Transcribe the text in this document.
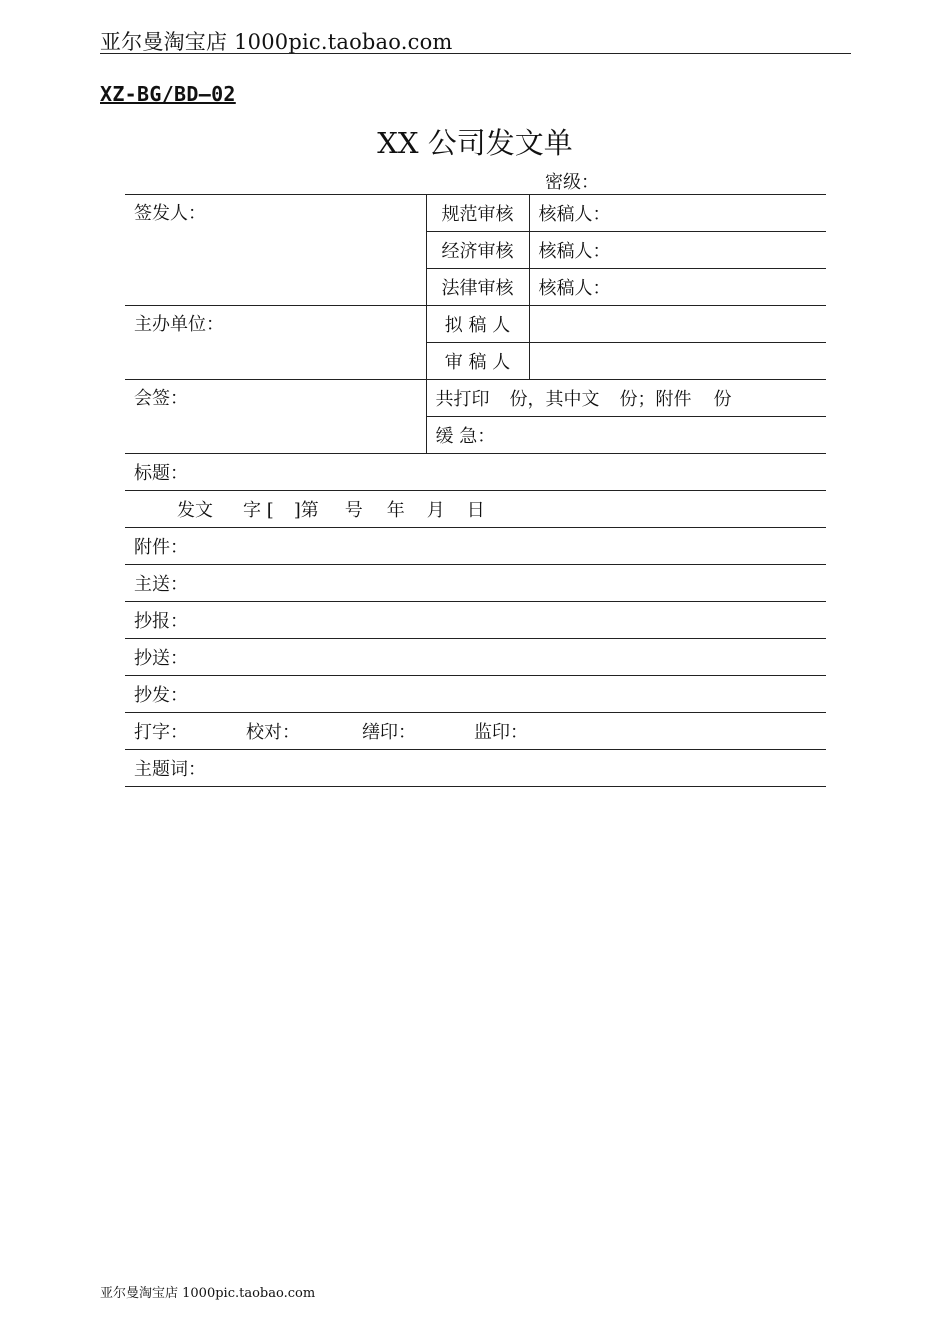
亚尔曼淘宝店 1000pic.taobao.com
XZ-BG/BD—02
XX 公司发文单
密级：
签发人：	规范审核	核稿人：
	经济审核	核稿人：
	法律审核	核稿人：
主办单位：	拟 稿 人	
	审 稿 人	
会签：	共打印 份，其中文 份；附件 份	
	缓 急：	
标题：		
发文 字 [ ]第 号 年 月 日		
附件：		
主送：		
抄报：		
抄送：		
抄发：		
打字： 校对： 缮印： 监印：		
主题词：		
亚尔曼淘宝店 1000pic.taobao.com
